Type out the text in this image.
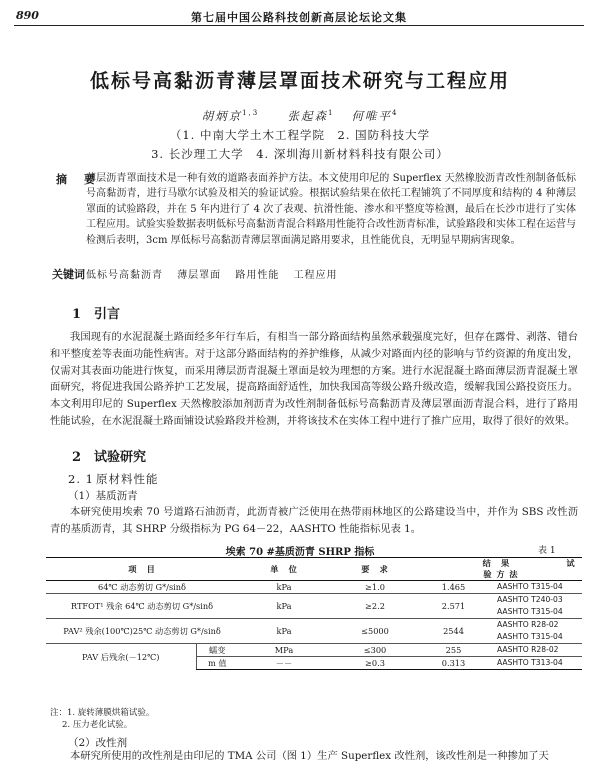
890	第七届中国公路科技创新高层论坛论文集
低标号高黏沥青薄层罩面技术研究与工程应用
胡炳京$^{1,3}$ 张起森$^1$ 何唯平$^4$
（1. 中南大学土木工程学院　2. 国防科技大学
3. 长沙理工大学　4. 深圳海川新材料科技有限公司）
摘　要
薄层沥青罩面技术是一种有效的道路表面养护方法。本文使用印尼的 Superflex 天然橡胶沥青改性剂制备低标号高黏沥青，进行马歇尔试验及相关的验证试验。根据试验结果在依托工程铺筑了不同厚度和结构的 4 种薄层罩面的试验路段，并在 5 年内进行了 4 次了表观、抗滑性能、渗水和平整度等检测，最后在长沙市进行了实体工程应用。试验实验数据表明低标号高黏沥青混合料路用性能符合改性沥青标准，试验路段和实体工程在运营与检测后表明，3cm 厚低标号高黏沥青薄层罩面满足路用要求，且性能优良，无明显早期病害现象。
关键词 低标号高黏沥青 薄层罩面 路用性能 工程应用
1 引言
我国现有的水泥混凝土路面经多年行车后，有相当一部分路面结构虽然承载强度完好，但存在露骨、剥落、错台和平整度差等表面功能性病害。对于这部分路面结构的养护维修，从减少对路面内径的影响与节约资源的角度出发，仅需对其表面功能进行恢复，而采用薄层沥青混凝土罩面是较为理想的方案。进行水泥混凝土路面薄层沥青混凝土罩面研究，将促进我国公路养护工艺发展，提高路面舒适性，加快我国高等级公路升级改造，缓解我国公路投资压力。本文利用印尼的 Superflex 天然橡胶添加剂沥青为改性剂制备低标号高黏沥青及薄层罩面沥青混合料，进行了路用性能试验，在水泥混凝土路面铺设试验路段并检测，并将该技术在实体工程中进行了推广应用，取得了很好的效果。
2 试验研究
2. 1 原材料性能
（1）基质沥青
本研究使用埃索 70 号道路石油沥青，此沥青被广泛使用在热带雨林地区的公路建设当中，并作为 SBS 改性沥青的基质沥青，其 SHRP 分级指标为 PG 64－22，AASHTO 性能指标见表 1。
埃索 70 #基质沥青 SHRP 指标	表 1
项　目		单　位	要　求	结　果 试 验 方 法	
64℃ 动态剪切 G*/sinδ		kPa	≥1.0	1.465	AASHTO T315-04
RTFOT¹ 残余 64℃ 动态剪切 G*/sinδ		kPa	≥2.2	2.571	AASHTO T240-03
					AASHTO T315-04
PAV² 残余(100℃)25℃ 动态剪切 G*/sinδ		kPa	≤5000	2544	AASHTO R28-02
					AASHTO T315-04
PAV 后残余(－12℃)	蠕变	MPa	≤300	255	AASHTO R28-02
	m 值	－－	≥0.3	0.313	AASHTO T313-04
注：1. 旋转薄膜烘箱试验。
2. 压力老化试验。
（2）改性剂
本研究所使用的改性剂是由印尼的 TMA 公司（图 1）生产 Superflex 改性剂，该改性剂是一种掺加了天
